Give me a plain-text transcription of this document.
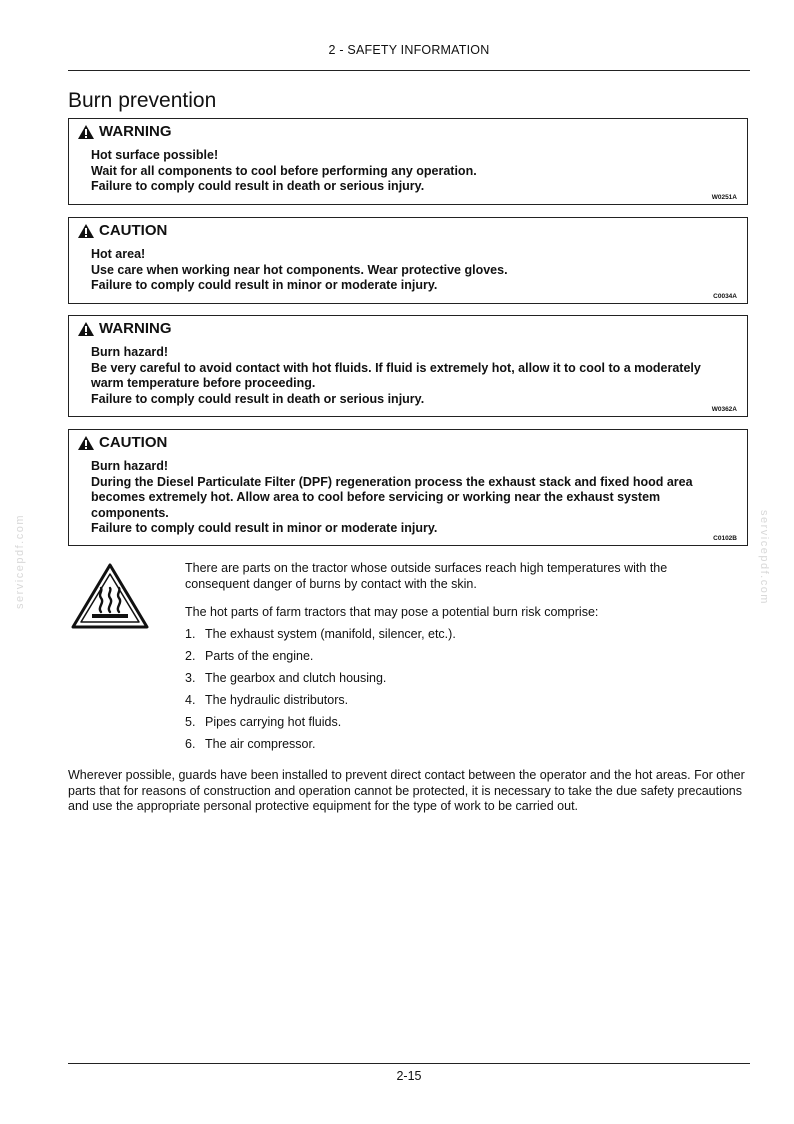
2 - SAFETY INFORMATION
Burn prevention
WARNING
Hot surface possible!
Wait for all components to cool before performing any operation.
Failure to comply could result in death or serious injury.
W0251A
CAUTION
Hot area!
Use care when working near hot components. Wear protective gloves.
Failure to comply could result in minor or moderate injury.
C0034A
WARNING
Burn hazard!
Be very careful to avoid contact with hot fluids. If fluid is extremely hot, allow it to cool to a moderately warm temperature before proceeding.
Failure to comply could result in death or serious injury.
W0362A
CAUTION
Burn hazard!
During the Diesel Particulate Filter (DPF) regeneration process the exhaust stack and fixed hood area becomes extremely hot. Allow area to cool before servicing or working near the exhaust system components.
Failure to comply could result in minor or moderate injury.
C0102B

There are parts on the tractor whose outside surfaces reach high temperatures with the consequent danger of burns by contact with the skin.

The hot parts of farm tractors that may pose a potential burn risk comprise:

1. The exhaust system (manifold, silencer, etc.).
2. Parts of the engine.
3. The gearbox and clutch housing.
4. The hydraulic distributors.
5. Pipes carrying hot fluids.
6. The air compressor.

Wherever possible, guards have been installed to prevent direct contact between the operator and the hot areas. For other parts that for reasons of construction and operation cannot be protected, it is necessary to take the due safety precautions and use the appropriate personal protective equipment for the type of work to be carried out.

servicepdf.com	servicepdf.com
2-15
